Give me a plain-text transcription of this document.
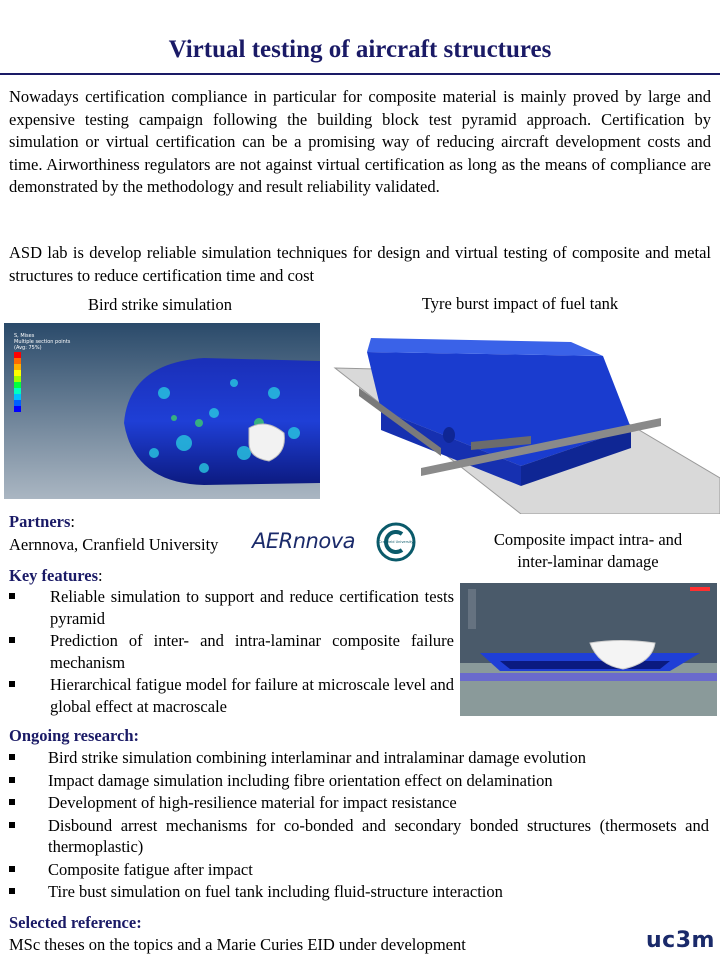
Virtual testing of aircraft structures

Nowadays certification compliance in particular for composite material is mainly proved by large and expensive testing campaign following the building block test pyramid approach. Certification by simulation or virtual certification can be a promising way of reducing aircraft development costs and time. Airworthiness regulators are not against virtual certification as long as the means of compliance are demonstrated by the methodology and result reliability validated.

ASD lab is develop reliable simulation techniques for design and virtual testing of composite and metal structures to reduce certification time and cost

Bird strike simulation	Tyre burst impact of fuel tank
S, Mises
Multiple section points
(Avg: 75%)
Partners:
Aernnova, Cranfield University AERnnova	Cranfield University	Composite impact intra- and
inter-laminar damage
Key features:
Reliable simulation to support and reduce certification tests pyramid
Prediction of inter- and intra-laminar composite failure mechanism
Hierarchical fatigue model for failure at microscale level and global effect at macroscale
Ongoing research:
Bird strike simulation combining interlaminar and intralaminar damage evolution
Impact damage simulation including fibre orientation effect on delamination
Development of high-resilience material for impact resistance
Disbound arrest mechanisms for co-bonded and secondary bonded structures (thermosets and thermoplastic)
Composite fatigue after impact
Tire bust simulation on fuel tank including fluid-structure interaction
Selected reference:
MSc theses on the topics and a Marie Curies EID under development	uc3m
